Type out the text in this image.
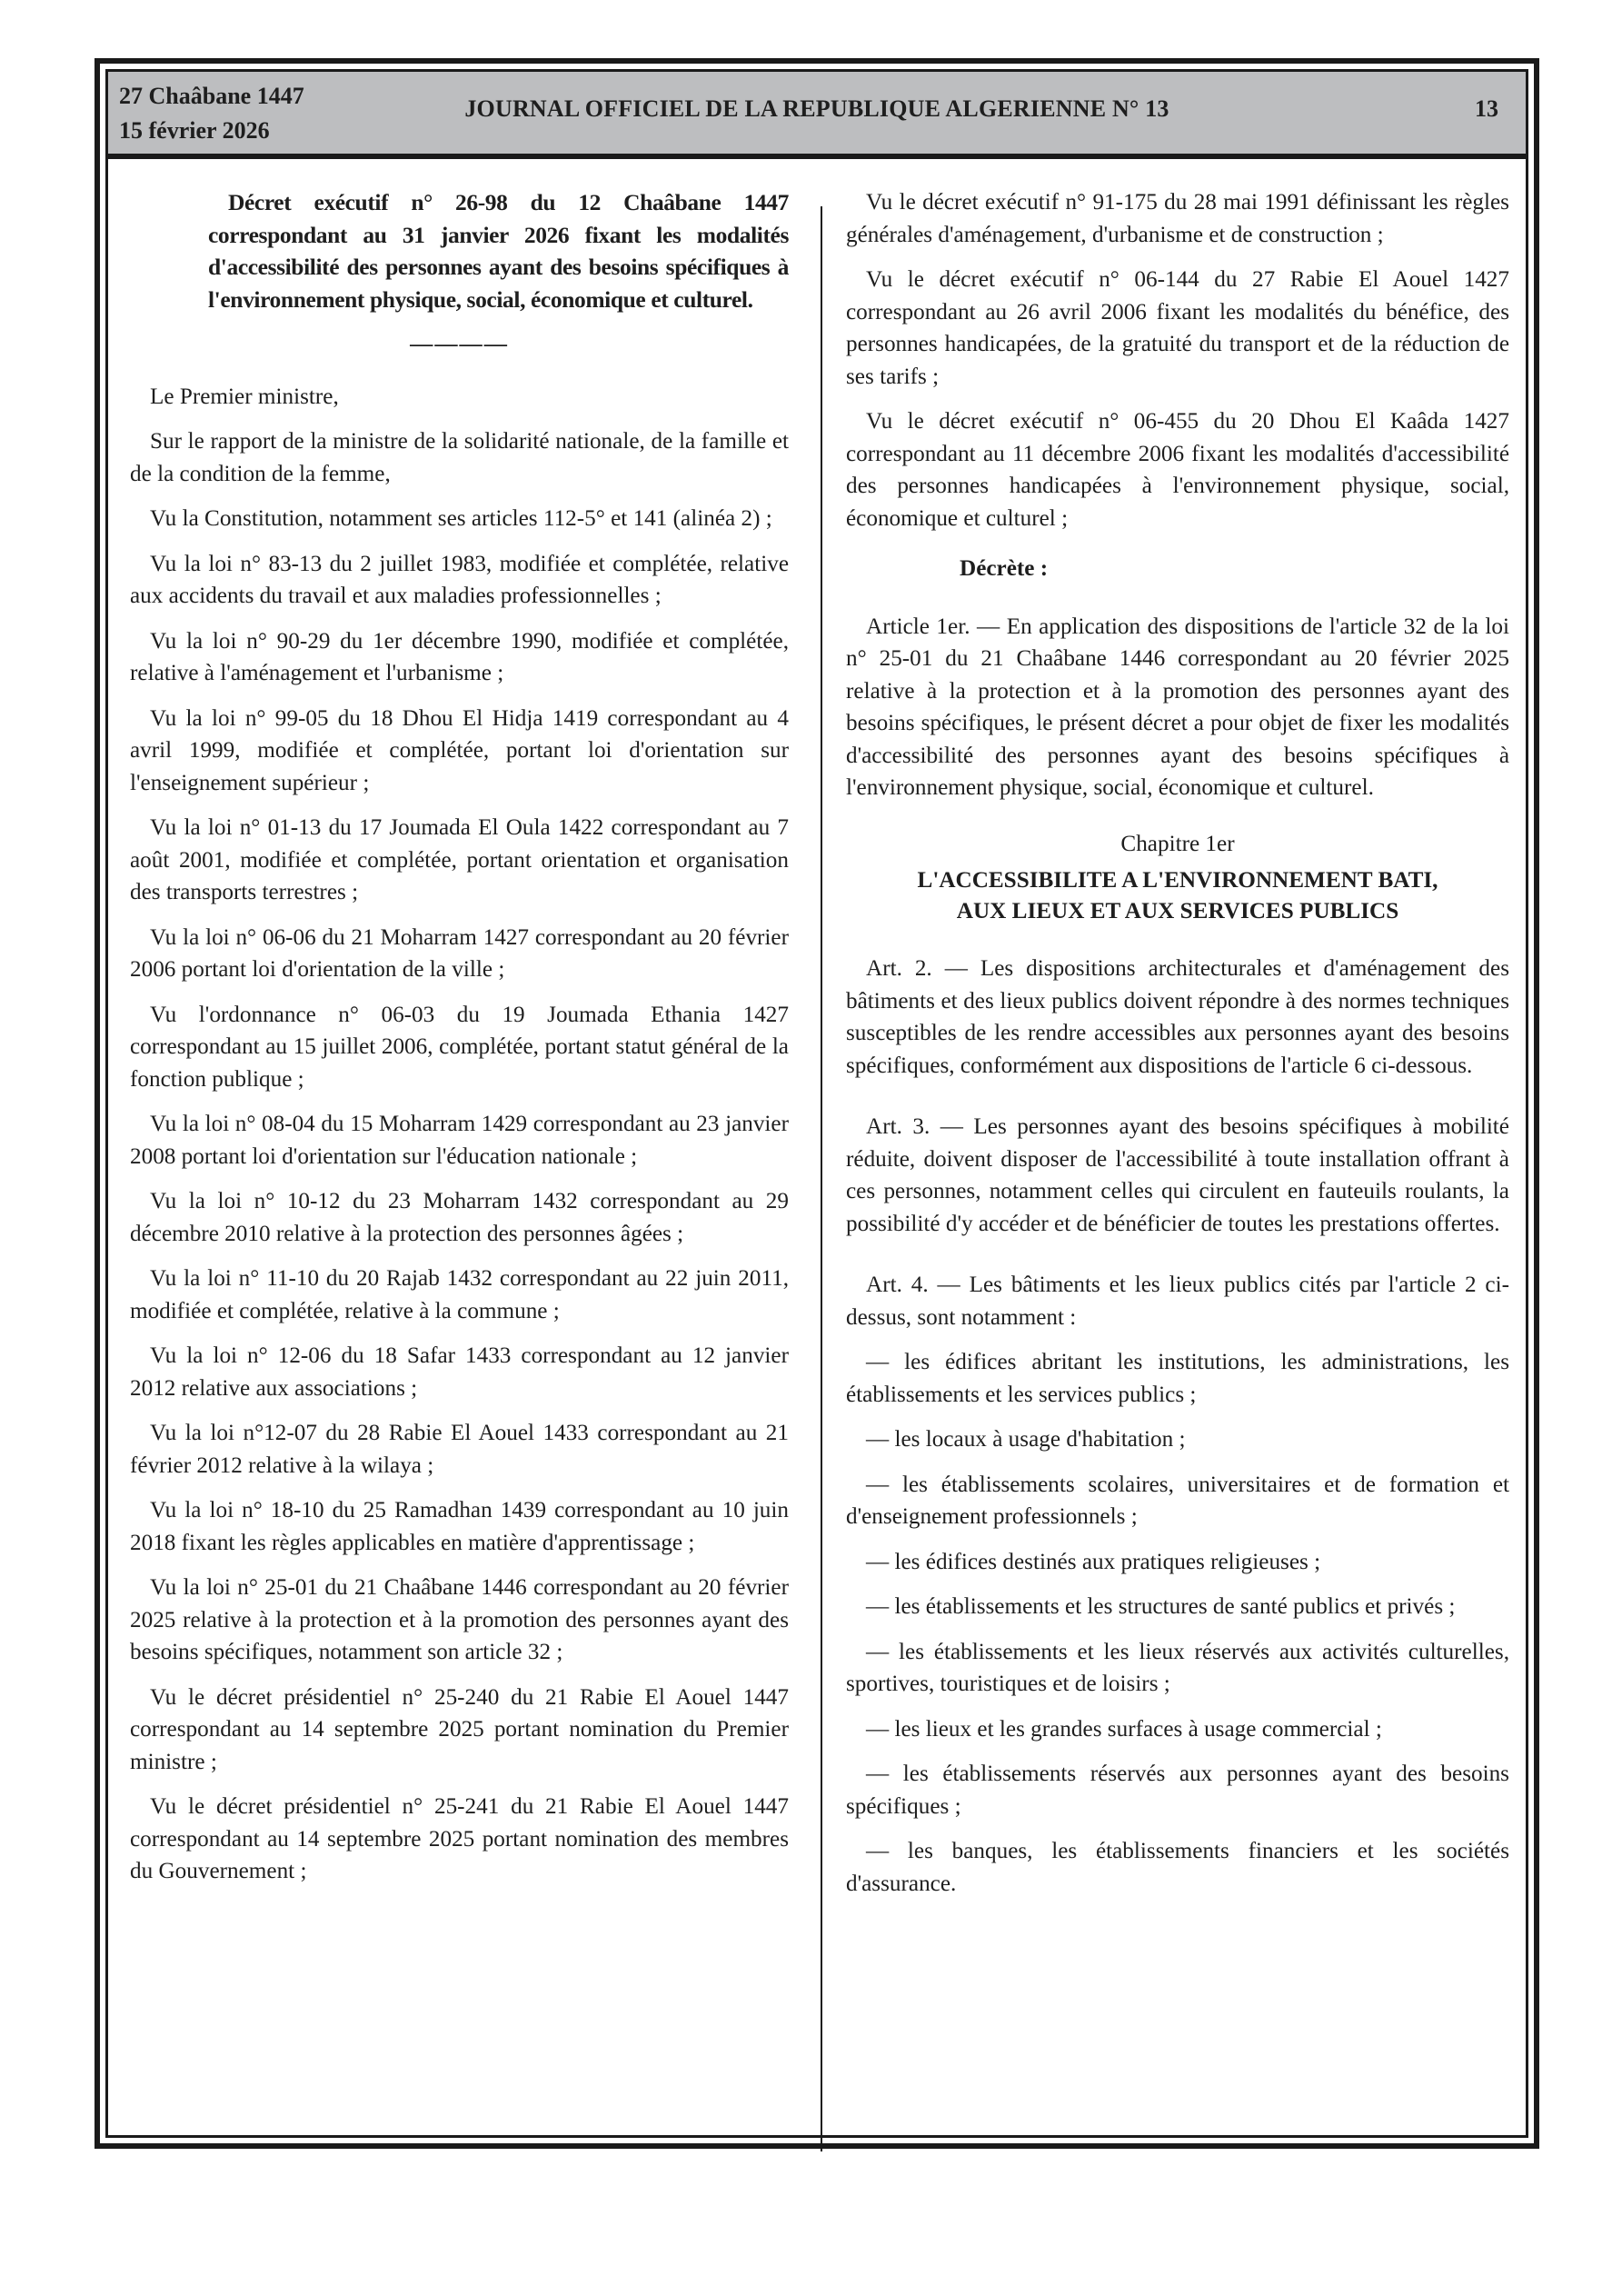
27 Chaâbane 1447
15 février 2026
JOURNAL OFFICIEL DE LA REPUBLIQUE ALGERIENNE N° 13	13

Décret exécutif n° 26-98 du 12 Chaâbane 1447 correspondant au 31 janvier 2026 fixant les modalités d'accessibilité des personnes ayant des besoins spécifiques à l'environnement physique, social, économique et culturel.

————

Le Premier ministre,

Sur le rapport de la ministre de la solidarité nationale, de la famille et de la condition de la femme,

Vu la Constitution, notamment ses articles 112-5° et 141 (alinéa 2) ;

Vu la loi n° 83-13 du 2 juillet 1983, modifiée et complétée, relative aux accidents du travail et aux maladies professionnelles ;

Vu la loi n° 90-29 du 1er décembre 1990, modifiée et complétée, relative à l'aménagement et l'urbanisme ;

Vu la loi n° 99-05 du 18 Dhou El Hidja 1419 correspondant au 4 avril 1999, modifiée et complétée, portant loi d'orientation sur l'enseignement supérieur ;

Vu la loi n° 01-13 du 17 Joumada El Oula 1422 correspondant au 7 août 2001, modifiée et complétée, portant orientation et organisation des transports terrestres ;

Vu la loi n° 06-06 du 21 Moharram 1427 correspondant au 20 février 2006 portant loi d'orientation de la ville ;

Vu l'ordonnance n° 06-03 du 19 Joumada Ethania 1427 correspondant au 15 juillet 2006, complétée, portant statut général de la fonction publique ;

Vu la loi n° 08-04 du 15 Moharram 1429 correspondant au 23 janvier 2008 portant loi d'orientation sur l'éducation nationale ;

Vu la loi n° 10-12 du 23 Moharram 1432 correspondant au 29 décembre 2010 relative à la protection des personnes âgées ;

Vu la loi n° 11-10 du 20 Rajab 1432 correspondant au 22 juin 2011, modifiée et complétée, relative à la commune ;

Vu la loi n° 12-06 du 18 Safar 1433 correspondant au 12 janvier 2012 relative aux associations ;

Vu la loi n°12-07 du 28 Rabie El Aouel 1433 correspondant au 21 février 2012 relative à la wilaya ;

Vu la loi n° 18-10 du 25 Ramadhan 1439 correspondant au 10 juin 2018 fixant les règles applicables en matière d'apprentissage ;

Vu la loi n° 25-01 du 21 Chaâbane 1446 correspondant au 20 février 2025 relative à la protection et à la promotion des personnes ayant des besoins spécifiques, notamment son article 32 ;

Vu le décret présidentiel n° 25-240 du 21 Rabie El Aouel 1447 correspondant au 14 septembre 2025 portant nomination du Premier ministre ;

Vu le décret présidentiel n° 25-241 du 21 Rabie El Aouel 1447 correspondant au 14 septembre 2025 portant nomination des membres du Gouvernement ;

Vu le décret exécutif n° 91-175 du 28 mai 1991 définissant les règles générales d'aménagement, d'urbanisme et de construction ;

Vu le décret exécutif n° 06-144 du 27 Rabie El Aouel 1427 correspondant au 26 avril 2006 fixant les modalités du bénéfice, des personnes handicapées, de la gratuité du transport et de la réduction de ses tarifs ;

Vu le décret exécutif n° 06-455 du 20 Dhou El Kaâda 1427 correspondant au 11 décembre 2006 fixant les modalités d'accessibilité des personnes handicapées à l'environnement physique, social, économique et culturel ;

Décrète :

Article 1er. — En application des dispositions de l'article 32 de la loi n° 25-01 du 21 Chaâbane 1446 correspondant au 20 février 2025 relative à la protection et à la promotion des personnes ayant des besoins spécifiques, le présent décret a pour objet de fixer les modalités d'accessibilité des personnes ayant des besoins spécifiques à l'environnement physique, social, économique et culturel.

Chapitre 1er

L'ACCESSIBILITE A L'ENVIRONNEMENT BATI,
AUX LIEUX ET AUX SERVICES PUBLICS

Art. 2. — Les dispositions architecturales et d'aménagement des bâtiments et des lieux publics doivent répondre à des normes techniques susceptibles de les rendre accessibles aux personnes ayant des besoins spécifiques, conformément aux dispositions de l'article 6 ci-dessous.

Art. 3. — Les personnes ayant des besoins spécifiques à mobilité réduite, doivent disposer de l'accessibilité à toute installation offrant à ces personnes, notamment celles qui circulent en fauteuils roulants, la possibilité d'y accéder et de bénéficier de toutes les prestations offertes.

Art. 4. — Les bâtiments et les lieux publics cités par l'article 2 ci-dessus, sont notamment :

— les édifices abritant les institutions, les administrations, les établissements et les services publics ;

— les locaux à usage d'habitation ;

— les établissements scolaires, universitaires et de formation et d'enseignement professionnels ;

— les édifices destinés aux pratiques religieuses ;

— les établissements et les structures de santé publics et privés ;

— les établissements et les lieux réservés aux activités culturelles, sportives, touristiques et de loisirs ;

— les lieux et les grandes surfaces à usage commercial ;

— les établissements réservés aux personnes ayant des besoins spécifiques ;

— les banques, les établissements financiers et les sociétés d'assurance.
